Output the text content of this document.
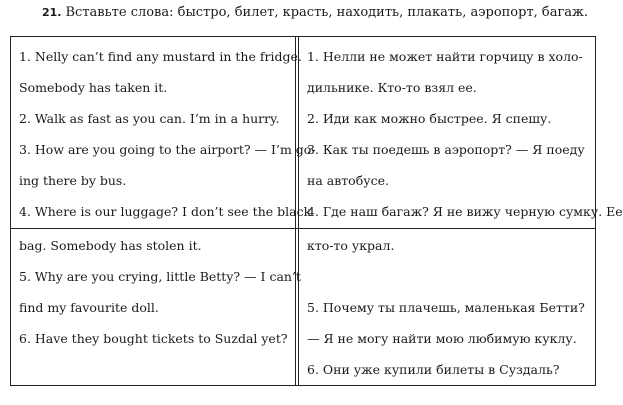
21. Вставьте слова: быстро, билет, красть, находить, плакать, аэропорт, багаж.
1. Nelly can’t find any mustard in the fridge.
Somebody has taken it.
2. Walk as fast as you can. I’m in a hurry.
3. How are you going to the airport? — I’m go-
ing there by bus.
4. Where is our luggage? I don’t see the black
1. Нелли не может найти горчицу в холо-
дильнике. Кто-то взял ее.
2. Иди как можно быстрее. Я спешу.
3. Как ты поедешь в аэропорт? — Я поеду
на автобусе.
4. Где наш багаж? Я не вижу черную сумку. Ее
bag. Somebody has stolen it.
5. Why are you crying, little Betty? — I can’t
find my favourite doll.
6. Have they bought tickets to Suzdal yet?
кто-то украл.
5. Почему ты плачешь, маленькая Бетти?
— Я не могу найти мою любимую куклу.
6. Они уже купили билеты в Суздаль?
